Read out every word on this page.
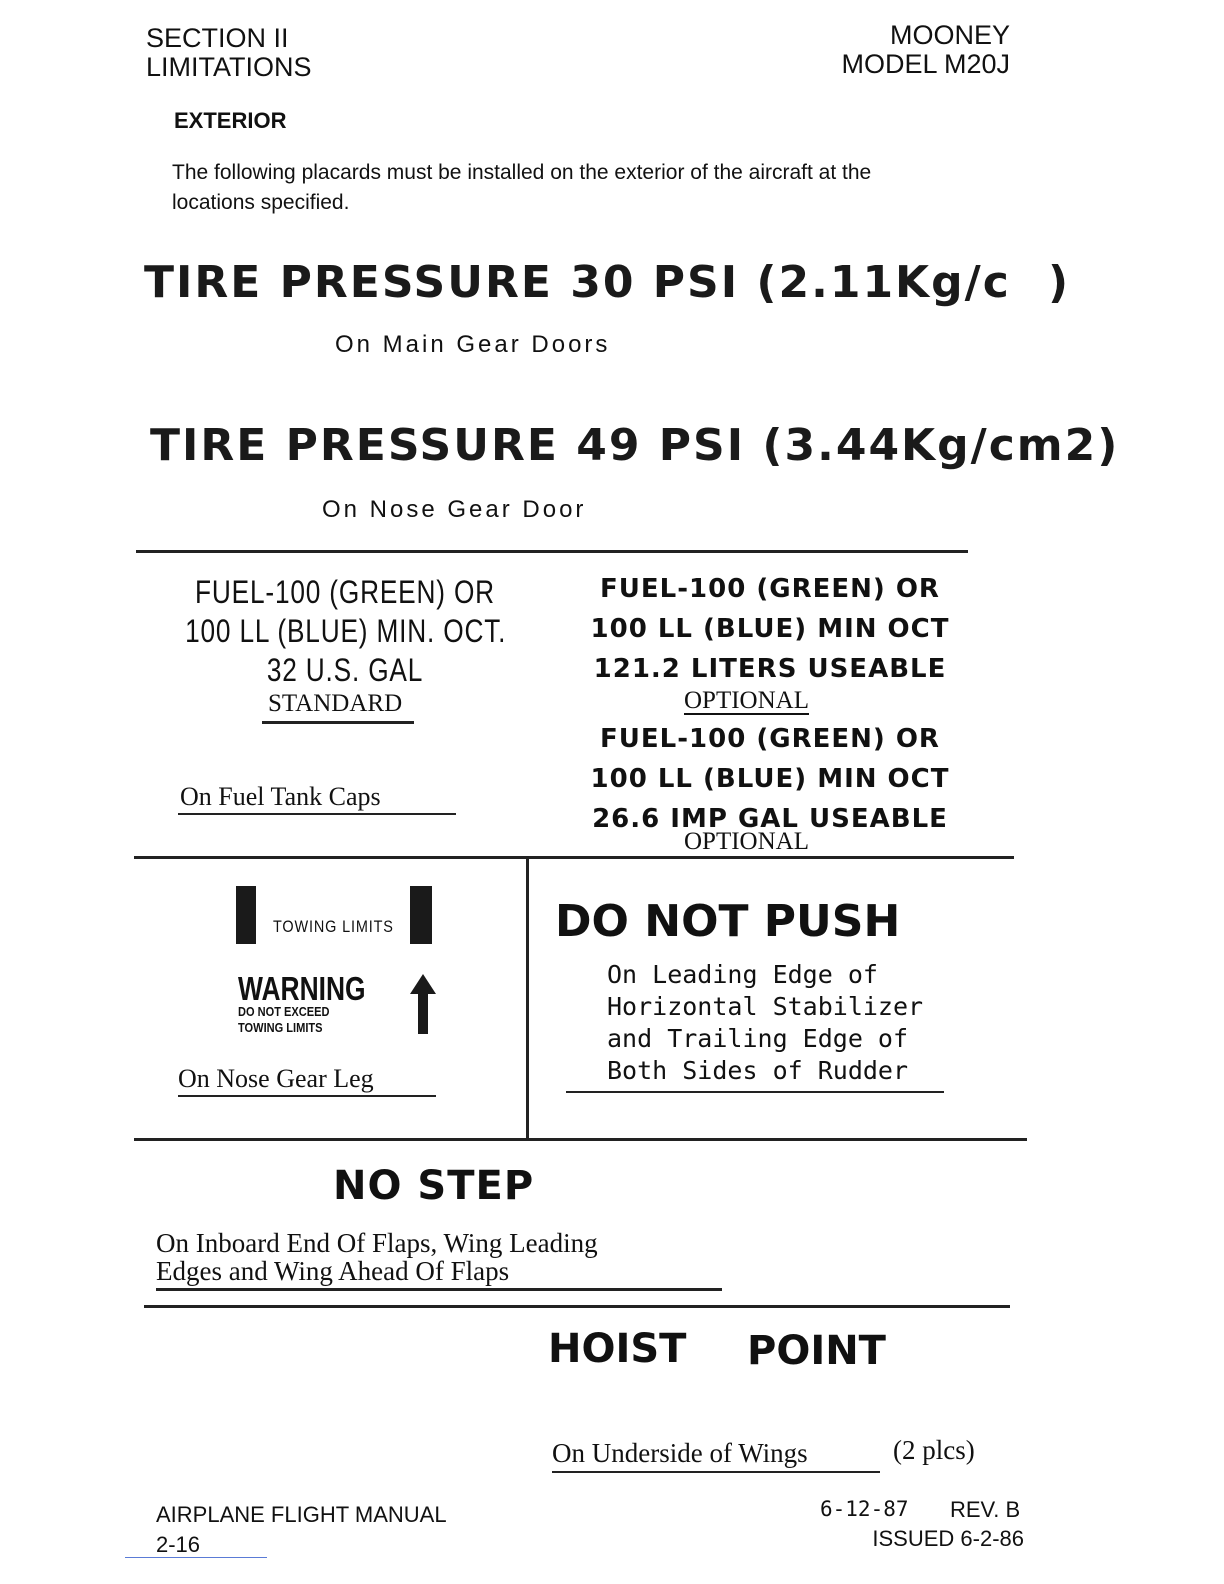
SECTION II
LIMITATIONS
MOONEY
MODEL M20J
EXTERIOR
The following placards must be installed on the exterior of the aircraft at the
locations specified.
TIRE PRESSURE 30 PSI (2.11Kg/c )
On Main Gear Doors
TIRE PRESSURE 49 PSI (3.44Kg/cm2)
On Nose Gear Door
FUEL-100 (GREEN) OR
100 LL (BLUE) MIN. OCT.
32 U.S. GAL
STANDARD
On Fuel Tank Caps
FUEL-100 (GREEN) OR
100 LL (BLUE) MIN OCT
121.2 LITERS USEABLE
OPTIONAL
FUEL-100 (GREEN) OR
100 LL (BLUE) MIN OCT
26.6 IMP GAL USEABLE
OPTIONAL
TOWING LIMITS
WARNING
DO NOT EXCEED
TOWING LIMITS
On Nose Gear Leg
DO NOT PUSH
On Leading Edge of
Horizontal Stabilizer
and Trailing Edge of
Both Sides of Rudder
NO STEP
On Inboard End Of Flaps, Wing Leading
Edges and Wing Ahead Of Flaps
HOIST POINT
On Underside of Wings	(2 plcs)
AIRPLANE FLIGHT MANUAL
2-16
6-12-87 REV. B
ISSUED 6-2-86
